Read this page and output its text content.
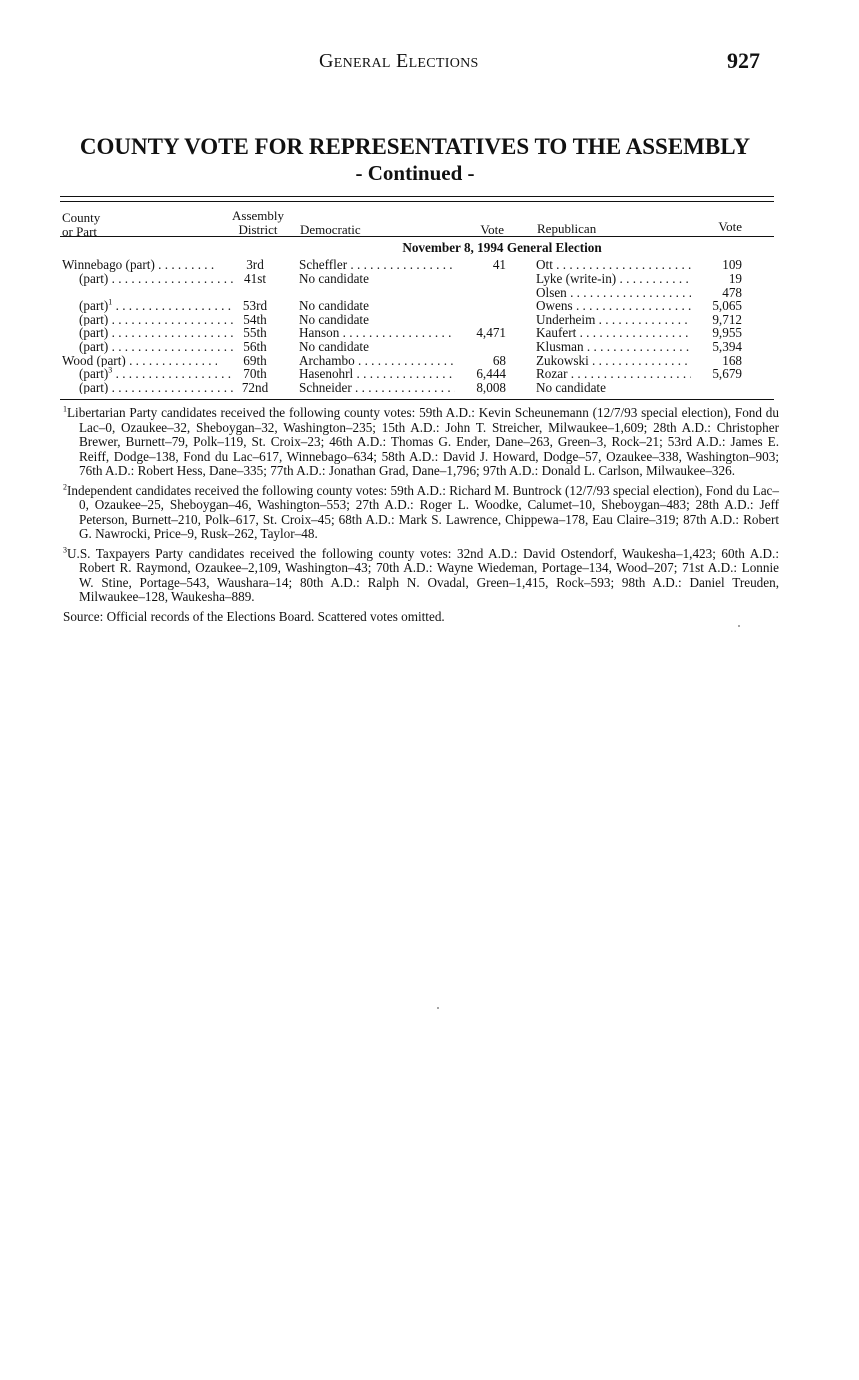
General Elections	927
COUNTY VOTE FOR REPRESENTATIVES TO THE ASSEMBLY
- Continued -
County
or Part
Assembly
District	Democratic	Vote	Republican	Vote
November 8, 1994 General Election
Winnebago (part) . . .	3rd	Scheffler . . .	41 Ott . . .	109
(part) . . .	41st	No candidate	Lyke (write-in) . . .	19
Olsen . . .	478
(part)$^1$ . . .	53rd	No candidate	Owens . . .	5,065
(part) . . .	54th	No candidate	Underheim . . .	9,712
(part) . . .	55th	Hanson . . .	4,471 Kaufert . . .	9,955
(part) . . .	56th	No candidate	Klusman . . .	5,394
Wood (part) . . .	69th	Archambo . . .	68 Zukowski . . .	168
(part)$^3$ . . .	70th	Hasenohrl . . .	6,444 Rozar . . .	5,679
(part) . . .	72nd	Schneider . . .	8,008 No candidate

$^1$Libertarian Party candidates received the following county votes: 59th A.D.: Kevin Scheunemann (12/7/93 special election), Fond du Lac–0, Ozaukee–32, Sheboygan–32, Washington–235; 15th A.D.: John T. Streicher, Milwaukee–1,609; 28th A.D.: Christopher Brewer, Burnett–79, Polk–119, St. Croix–23; 46th A.D.: Thomas G. Ender, Dane–263, Green–3, Rock–21; 53rd A.D.: James E. Reiff, Dodge–138, Fond du Lac–617, Winnebago–634; 58th A.D.: David J. Howard, Dodge–57, Ozaukee–338, Washington–903; 76th A.D.: Robert Hess, Dane–335; 77th A.D.: Jonathan Grad, Dane–1,796; 97th A.D.: Donald L. Carlson, Milwaukee–326.

$^2$Independent candidates received the following county votes: 59th A.D.: Richard M. Buntrock (12/7/93 special election), Fond du Lac–0, Ozaukee–25, Sheboygan–46, Washington–553; 27th A.D.: Roger L. Woodke, Calumet–10, Sheboygan–483; 28th A.D.: Jeff Peterson, Burnett–210, Polk–617, St. Croix–45; 68th A.D.: Mark S. Lawrence, Chippewa–178, Eau Claire–319; 87th A.D.: Robert G. Nawrocki, Price–9, Rusk–262, Taylor–48.

$^3$U.S. Taxpayers Party candidates received the following county votes: 32nd A.D.: David Ostendorf, Waukesha–1,423; 60th A.D.: Robert R. Raymond, Ozaukee–2,109, Washington–43; 70th A.D.: Wayne Wiedeman, Portage–134, Wood–207; 71st A.D.: Lonnie W. Stine, Portage–543, Waushara–14; 80th A.D.: Ralph N. Ovadal, Green–1,415, Rock–593; 98th A.D.: Daniel Treuden, Milwaukee–128, Waukesha–889.

Source: Official records of the Elections Board. Scattered votes omitted.
